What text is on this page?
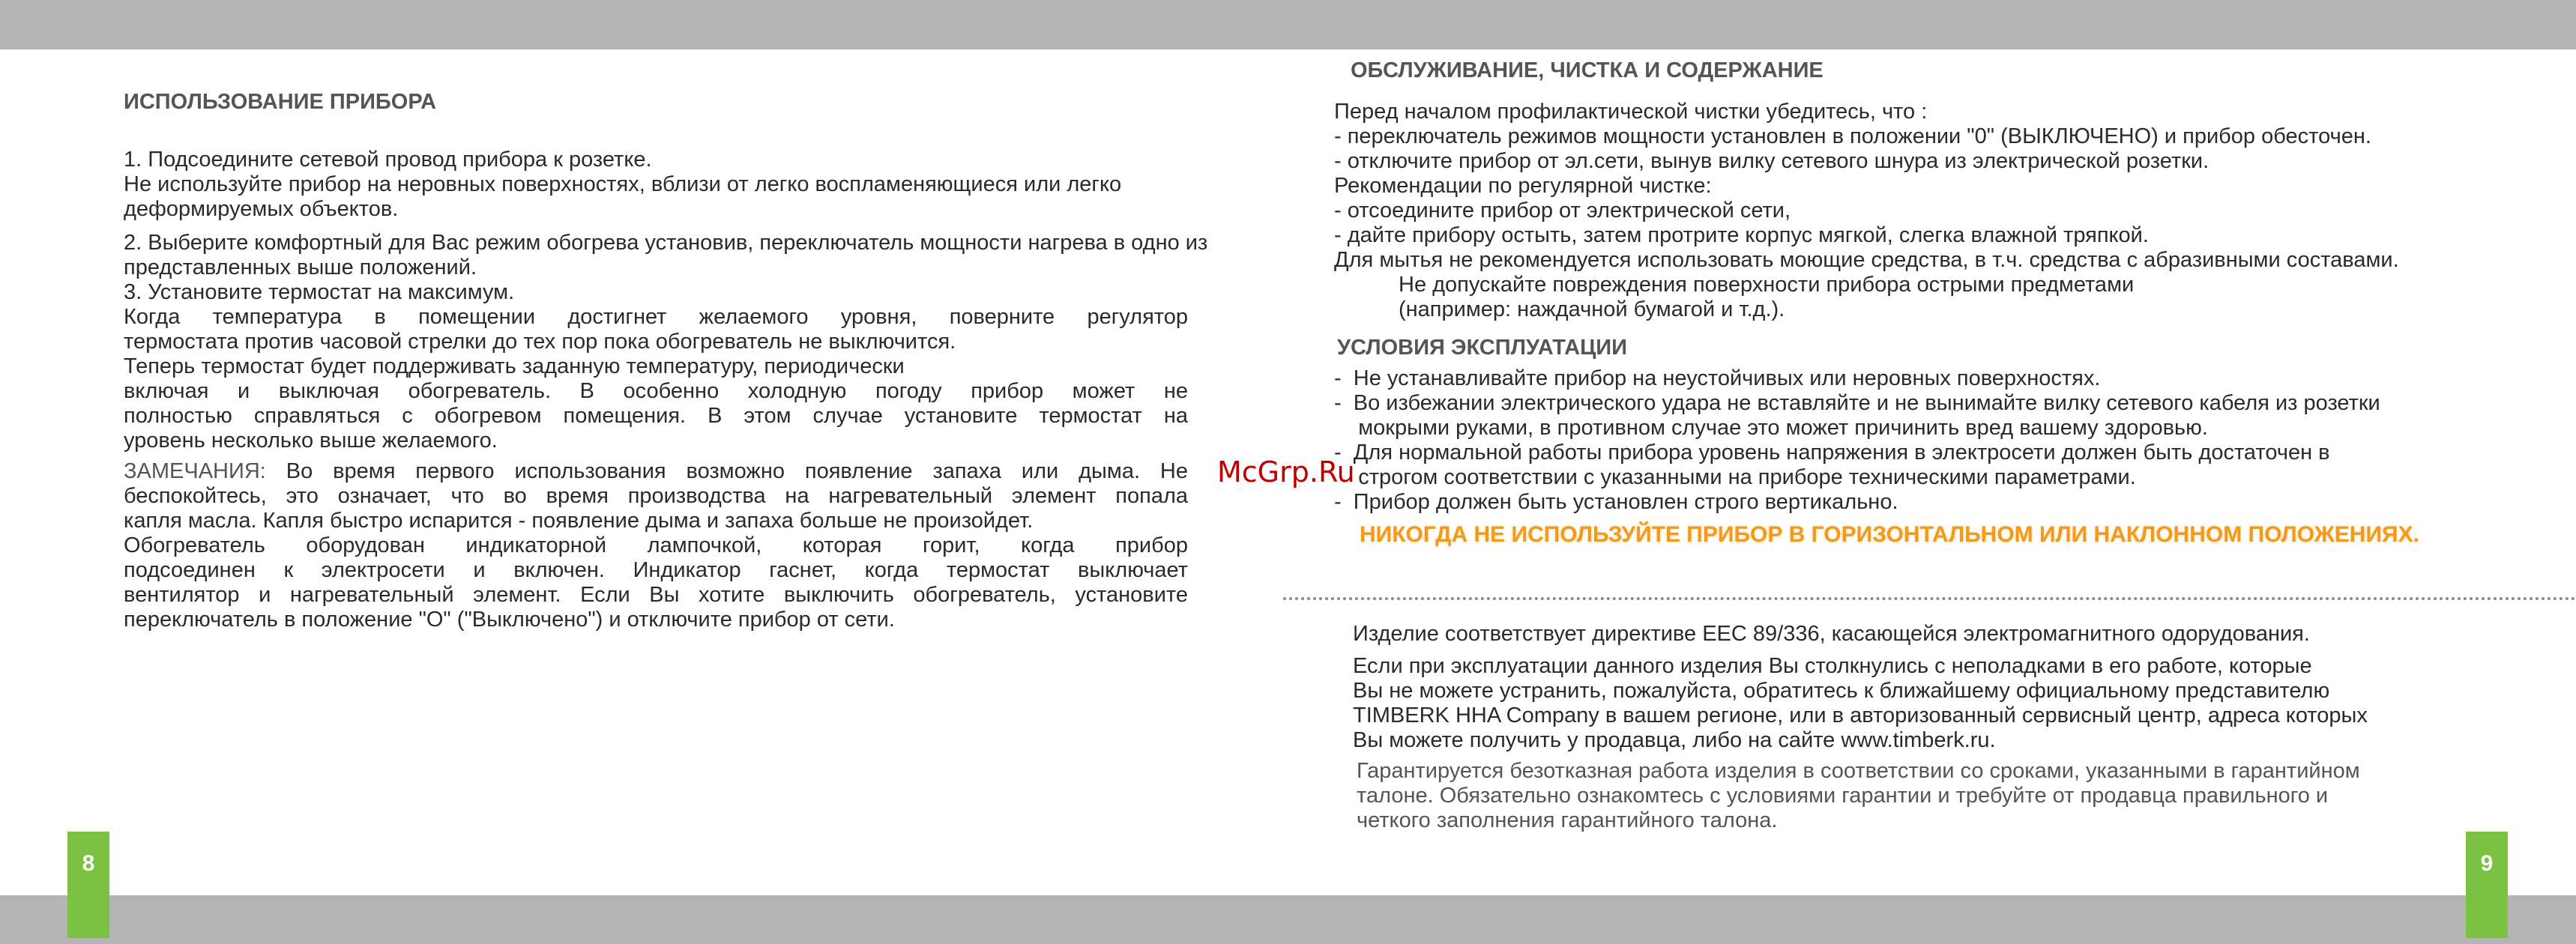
ИСПОЛЬЗОВАНИЕ ПРИБОРА

1. Подсоедините сетевой провод прибора к розетке.

Не используйте прибор на неровных поверхностях, вблизи от легко воспламеняющиеся или легко деформируемых объектов.

2. Выберите комфортный для Вас режим обогрева установив, переключатель мощности нагрева в одно из представленных выше положений.

3. Установите термостат на максимум.

Когда температура в помещении достигнет желаемого уровня, поверните регулятор

термостата против часовой стрелки до тех пор пока обогреватель не выключится.

Теперь термостат будет поддерживать заданную температуру, периодически

включая и выключая обогреватель. В особенно холодную погоду прибор может не

полностью справляться с обогревом помещения. В этом случае установите термостат на

уровень несколько выше желаемого.

ЗАМЕЧАНИЯ: Во время первого использования возможно появление запаха или дыма. Не

беспокойтесь, это означает, что во время производства на нагревательный элемент попала

капля масла. Капля быстро испарится - появление дыма и запаха больше не произойдет.

Обогреватель оборудован индикаторной лампочкой, которая горит, когда прибор

подсоединен к электросети и включен. Индикатор гаснет, когда термостат выключает

вентилятор и нагревательный элемент. Если Вы хотите выключить обогреватель, установите

переключатель в положение "О" ("Выключено") и отключите прибор от сети.

8
McGrp.Ru

ОБСЛУЖИВАНИЕ, ЧИСТКА И СОДЕРЖАНИЕ

Перед началом профилактической чистки убедитесь, что :

- переключатель режимов мощности установлен в положении "0" (ВЫКЛЮЧЕНО) и прибор обесточен.

- отключите прибор от эл.сети, вынув вилку сетевого шнура из электрической розетки.

Рекомендации по регулярной чистке:

- отсоедините прибор от электрической сети,

- дайте прибору остыть, затем протрите корпус мягкой, слегка влажной тряпкой.

Для мытья не рекомендуется использовать моющие средства, в т.ч. средства с абразивными составами.

Не допускайте повреждения поверхности прибора острыми предметами

(например: наждачной бумагой и т.д.).

УСЛОВИЯ ЭКСПЛУАТАЦИИ

-  Не устанавливайте прибор на неустойчивых или неровных поверхностях.

-  Во избежании электрического удара не вставляйте и не вынимайте вилку сетевого кабеля из розетки

мокрыми руками, в противном случае это может причинить вред вашему здоровью.

-  Для нормальной работы прибора уровень напряжения в электросети должен быть достаточен в

строгом соответствии с указанными на приборе техническими параметрами.

-  Прибор должен быть установлен строго вертикально.

НИКОГДА НЕ ИСПОЛЬЗУЙТЕ ПРИБОР В ГОРИЗОНТАЛЬНОМ ИЛИ НАКЛОННОМ ПОЛОЖЕНИЯХ.

Изделие соответствует директиве ЕЕС 89/336, касающейся электромагнитного одорудования.

Если при эксплуатации данного изделия Вы столкнулись с неполадками в его работе, которые

Вы не можете устранить, пожалуйста, обратитесь к ближайшему официальному представителю

TIMBERK HHA Company в вашем регионе, или в авторизованный сервисный центр, адреса которых

Вы можете получить у продавца, либо на сайте www.timberk.ru.

Гарантируется безотказная работа изделия в соответствии со сроками, указанными в гарантийном

талоне. Обязательно ознакомтесь с условиями гарантии и требуйте от продавца правильного и

четкого заполнения гарантийного талона.

9
